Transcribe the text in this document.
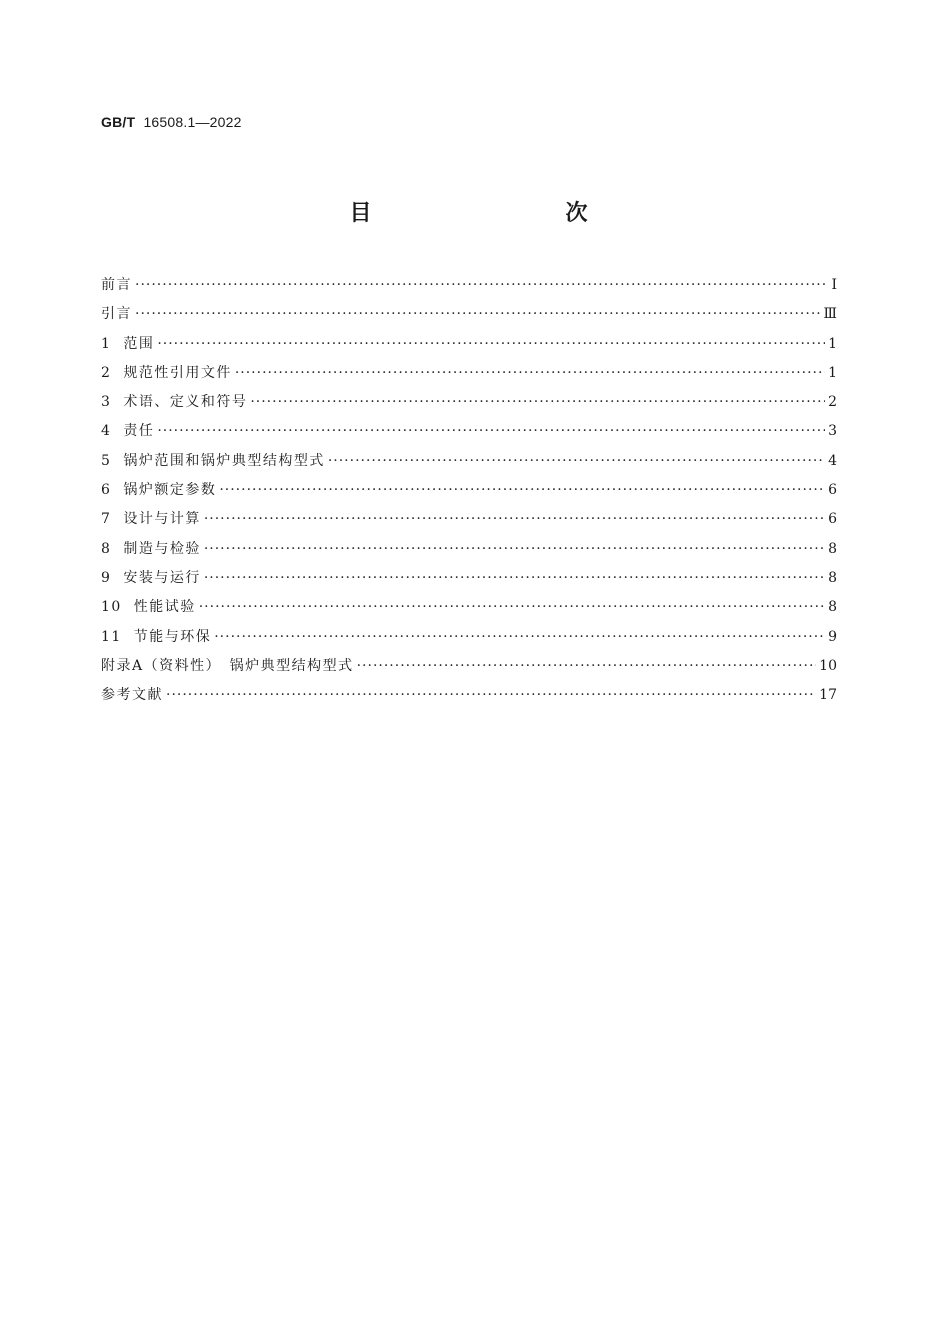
GB/T 16508.1—2022
目　　次
前言 ·····	Ⅰ
引言 ·····	Ⅲ
1 范围 ·····	1
2 规范性引用文件 ·····	1
3 术语、定义和符号 ·····	2
4 责任 ·····	3
5 锅炉范围和锅炉典型结构型式 ·····	4
6 锅炉额定参数 ·····	6
7 设计与计算 ·····	6
8 制造与检验 ·····	8
9 安装与运行 ·····	8
10 性能试验 ·····	8
11 节能与环保 ·····	9
附录A（资料性）　锅炉典型结构型式 ·····	10
参考文献 ·····	17
